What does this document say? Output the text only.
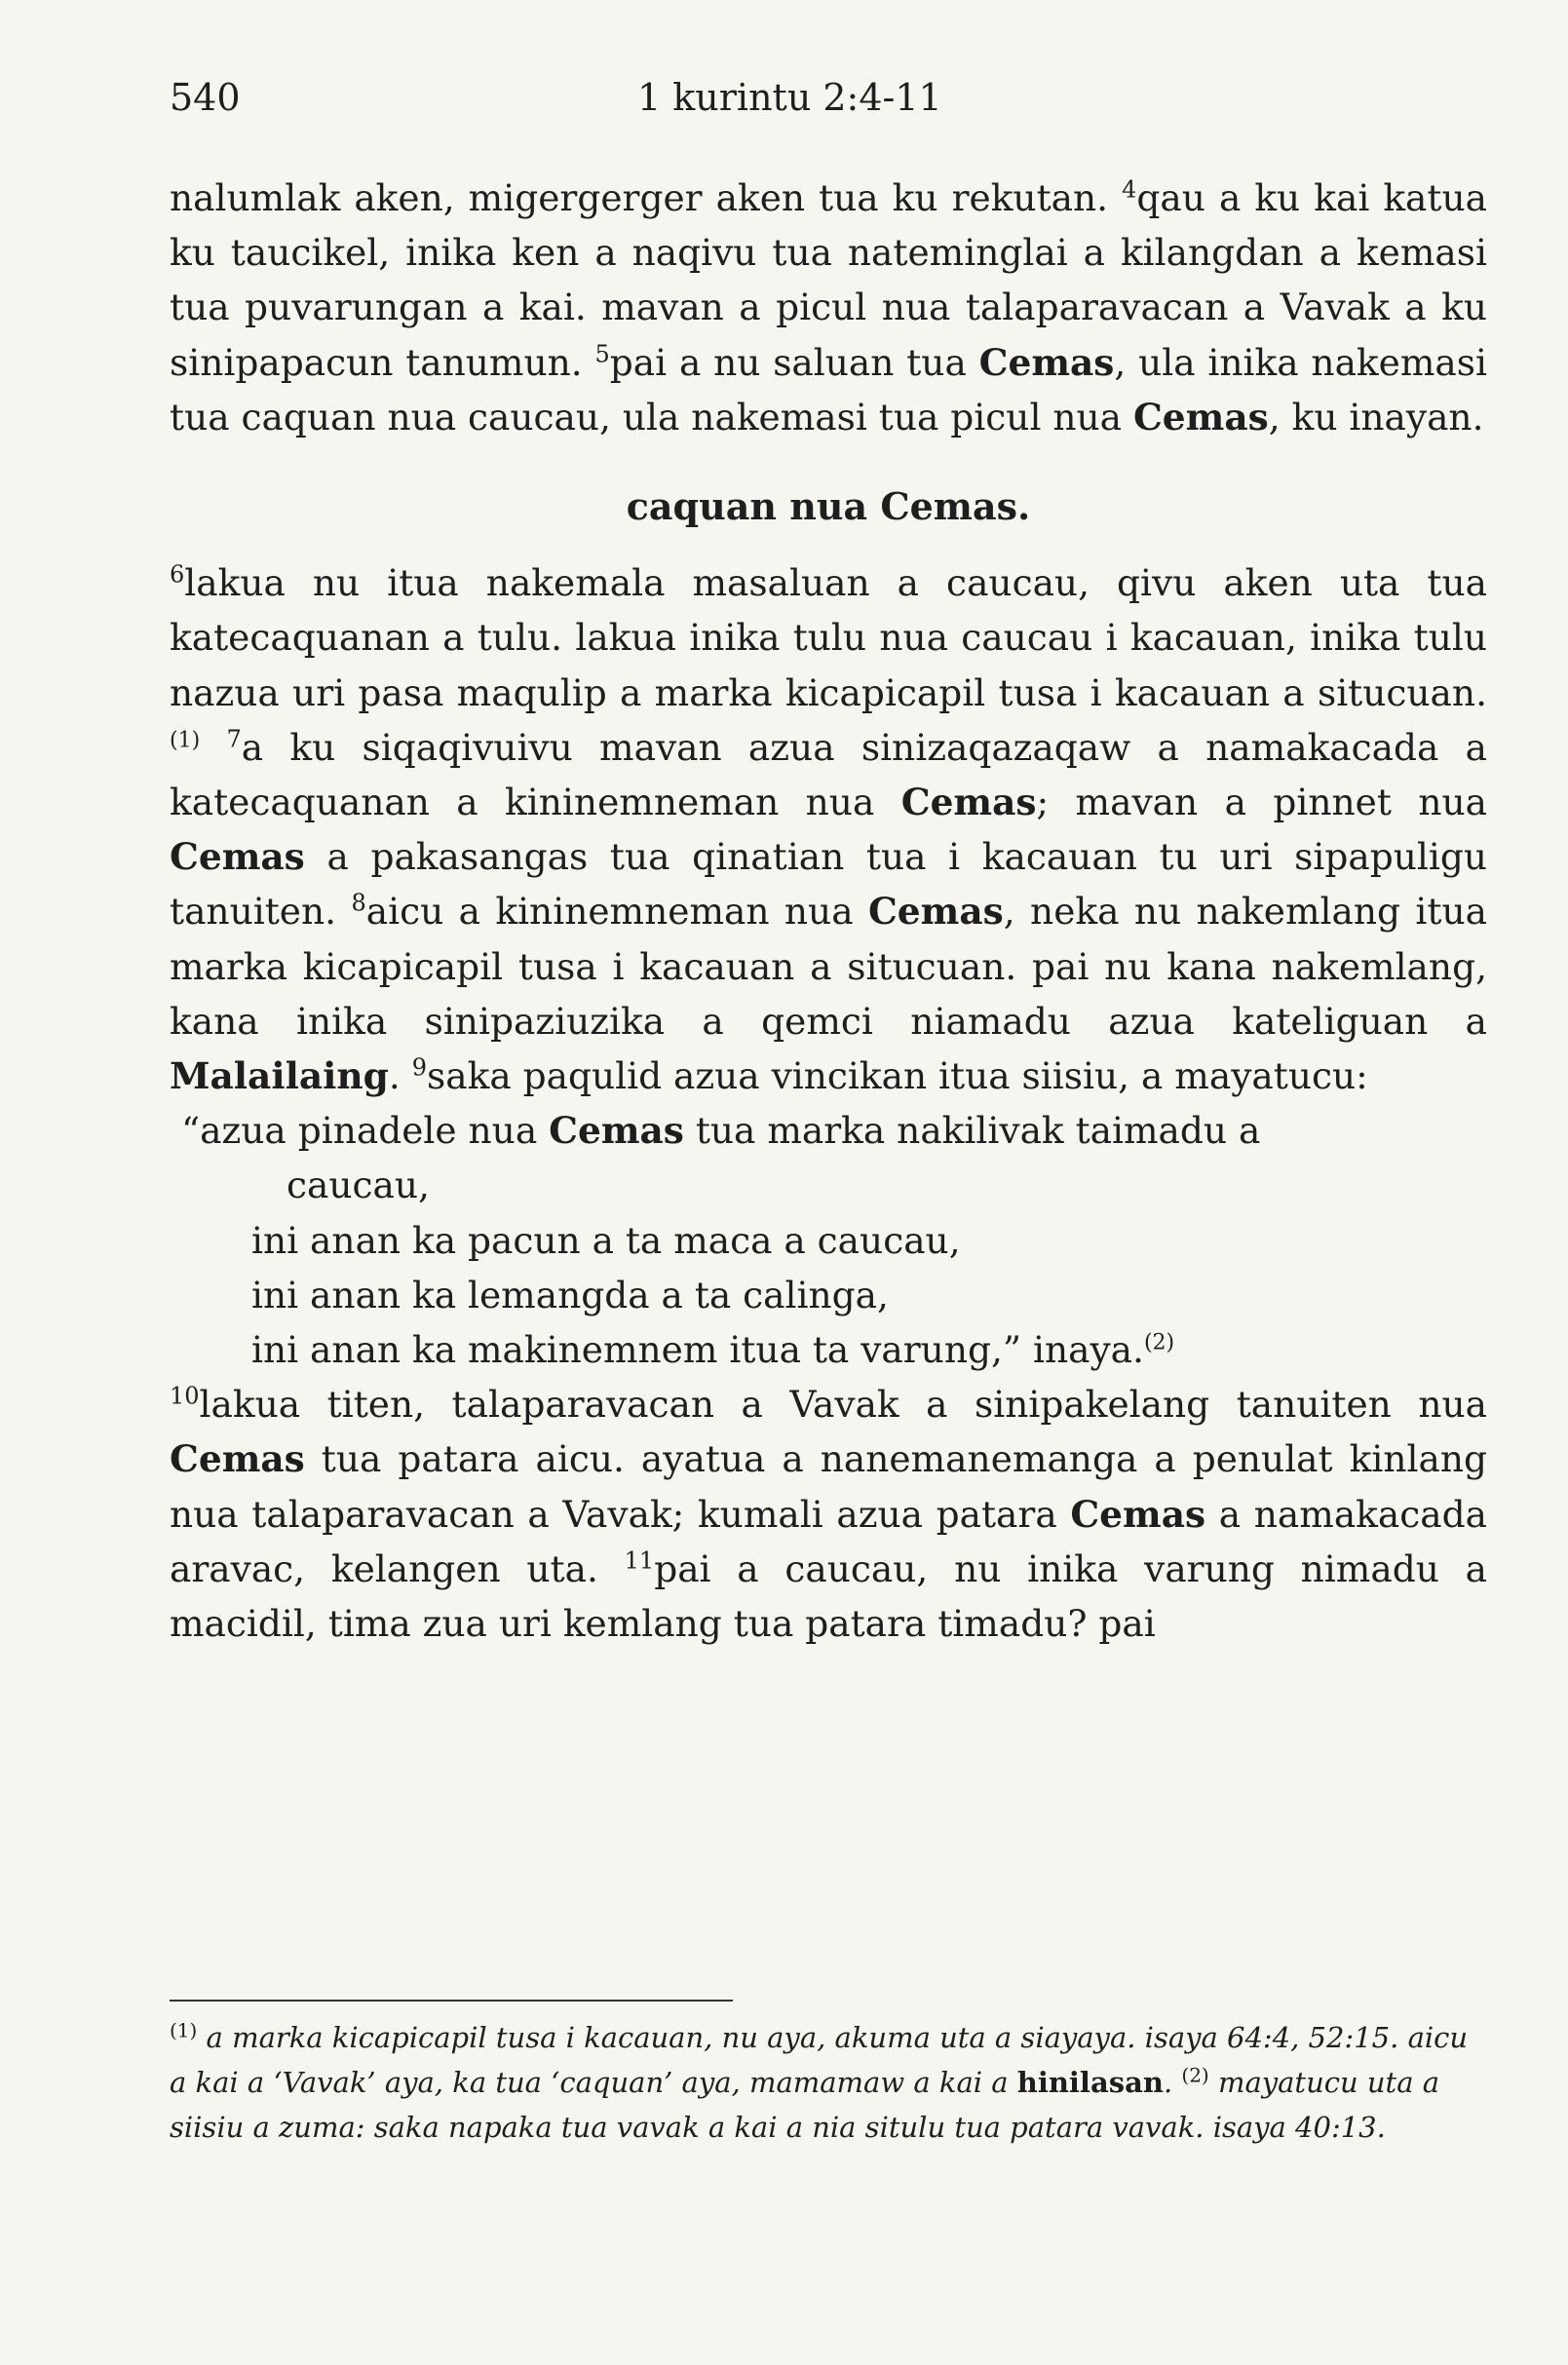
540	1 kurintu 2:4-11

nalumlak aken, migergerger aken tua ku rekutan. $^4$qau a ku kai katua ku taucikel, inika ken a naqivu tua nateminglai a kilangdan a kemasi tua puvarungan a kai. mavan a picul nua talaparavacan a Vavak a ku sinipapacun tanumun. $^5$pai a nu saluan tua Cemas, ula inika nakemasi tua caquan nua caucau, ula nakemasi tua picul nua Cemas, ku inayan.

caquan nua Cemas.

$^6$lakua nu itua nakemala masaluan a caucau, qivu aken uta tua katecaquanan a tulu. lakua inika tulu nua caucau i kacauan, inika tulu nazua uri pasa maqulip a marka kicapicapil tusa i kacauan a situcuan.$^{(1)}$ $^7$a ku siqaqivuivu mavan azua sinizaqazaqaw a namakacada a katecaquanan a kininemneman nua Cemas; mavan a pinnet nua Cemas a pakasangas tua qinatian tua i kacauan tu uri sipapuligu tanuiten. $^8$aicu a kininemneman nua Cemas, neka nu nakemlang itua marka kicapicapil tusa i kacauan a situcuan. pai nu kana nakemlang, kana inika sinipaziuzika a qemci niamadu azua kateliguan a Malailaing. $^9$saka paqulid azua vincikan itua siisiu, a mayatucu:

“azua pinadele nua Cemas tua marka nakilivak taimadu a
caucau,
ini anan ka pacun a ta maca a caucau,
ini anan ka lemangda a ta calinga,
ini anan ka makinemnem itua ta varung,” inaya.$^{(2)}$

$^{10}$lakua titen, talaparavacan a Vavak a sinipakelang tanuiten nua Cemas tua patara aicu. ayatua a nanemanemanga a penulat kinlang nua talaparavacan a Vavak; kumali azua patara Cemas a namakacada aravac, kelangen uta. $^{11}$pai a caucau, nu inika varung nimadu a macidil, tima zua uri kemlang tua patara timadu? pai

$^{(1)}$ a marka kicapicapil tusa i kacauan, nu aya, akuma uta a siayaya. isaya 64:4, 52:15. aicu a kai a ‘Vavak’ aya, ka tua ‘caquan’ aya, mamamaw a kai a hinilasan. $^{(2)}$ mayatucu uta a siisiu a zuma: saka napaka tua vavak a kai a nia situlu tua patara vavak. isaya 40:13.
